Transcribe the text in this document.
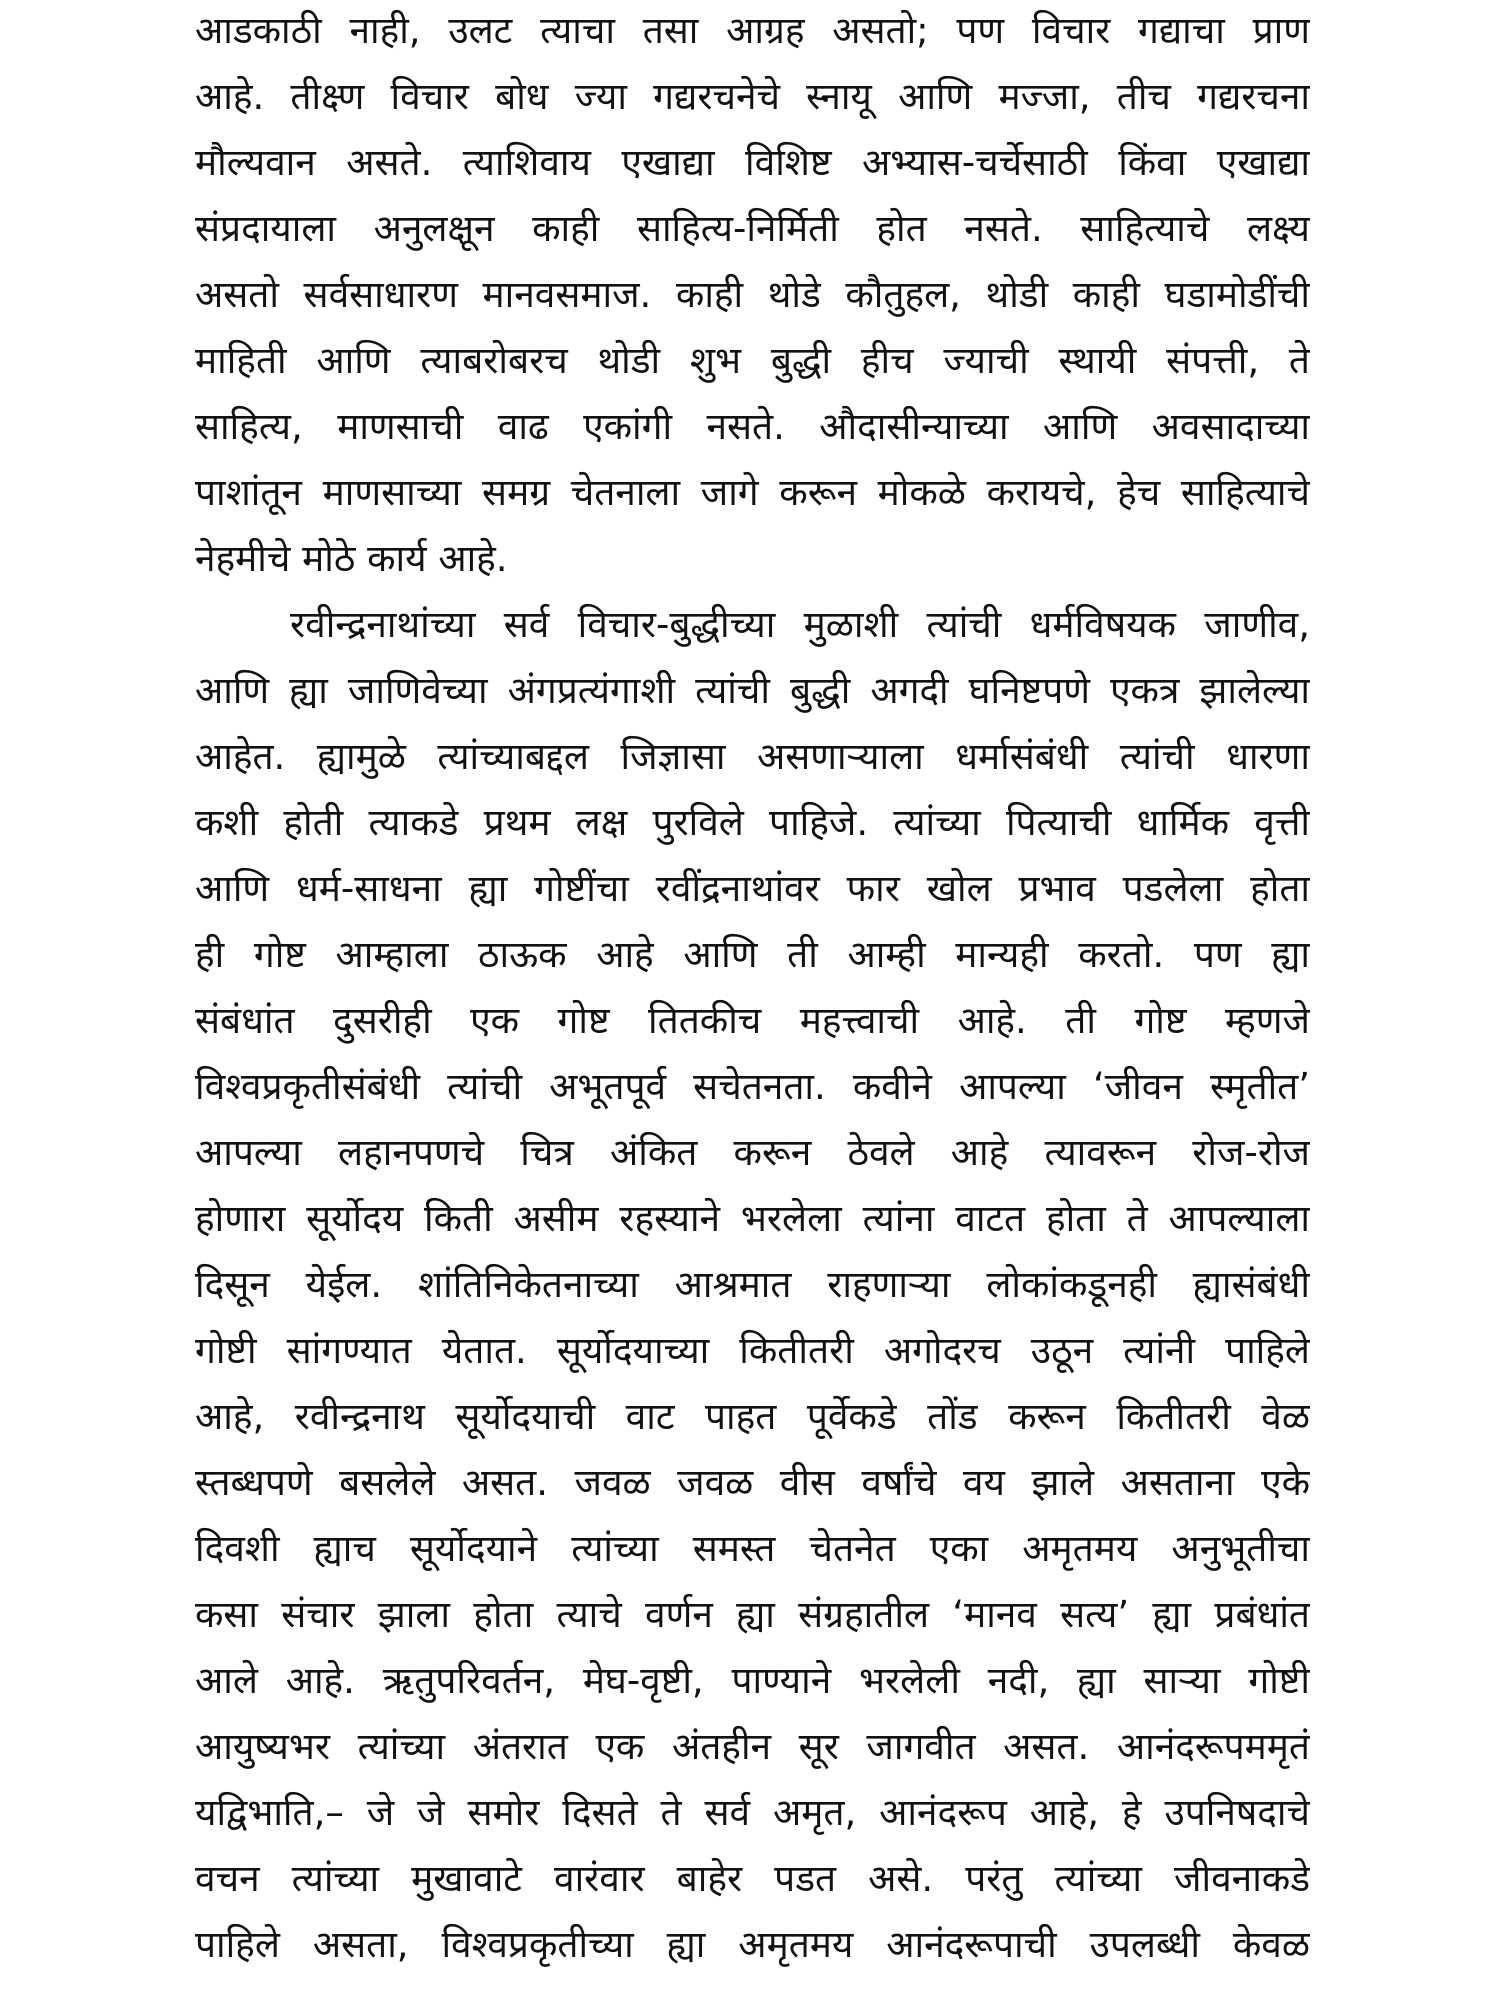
आडकाठी नाही, उलट त्याचा तसा आग्रह असतो; पण विचार गद्याचा प्राण
आहे. तीक्ष्ण विचार बोध ज्या गद्यरचनेचे स्नायू आणि मज्जा, तीच गद्यरचना
मौल्यवान असते. त्याशिवाय एखाद्या विशिष्ट अभ्यास-चर्चेसाठी किंवा एखाद्या
संप्रदायाला अनुलक्षून काही साहित्य-निर्मिती होत नसते. साहित्याचे लक्ष्य
असतो सर्वसाधारण मानवसमाज. काही थोडे कौतुहल, थोडी काही घडामोडींची
माहिती आणि त्याबरोबरच थोडी शुभ बुद्धी हीच ज्याची स्थायी संपत्ती, ते
साहित्य, माणसाची वाढ एकांगी नसते. औदासीन्याच्या आणि अवसादाच्या
पाशांतून माणसाच्या समग्र चेतनाला जागे करून मोकळे करायचे, हेच साहित्याचे
नेहमीचे मोठे कार्य आहे.
रवीन्द्रनाथांच्या सर्व विचार-बुद्धीच्या मुळाशी त्यांची धर्मविषयक जाणीव,
आणि ह्या जाणिवेच्या अंगप्रत्यंगाशी त्यांची बुद्धी अगदी घनिष्टपणे एकत्र झालेल्या
आहेत. ह्यामुळे त्यांच्याबद्दल जिज्ञासा असणाऱ्याला धर्मासंबंधी त्यांची धारणा
कशी होती त्याकडे प्रथम लक्ष पुरविले पाहिजे. त्यांच्या पित्याची धार्मिक वृत्ती
आणि धर्म-साधना ह्या गोष्टींचा रवींद्रनाथांवर फार खोल प्रभाव पडलेला होता
ही गोष्ट आम्हाला ठाऊक आहे आणि ती आम्ही मान्यही करतो. पण ह्या
संबंधांत दुसरीही एक गोष्ट तितकीच महत्त्वाची आहे. ती गोष्ट म्हणजे
विश्वप्रकृतीसंबंधी त्यांची अभूतपूर्व सचेतनता. कवीने आपल्या ‘जीवन स्मृतीत’
आपल्या लहानपणचे चित्र अंकित करून ठेवले आहे त्यावरून रोज-रोज
होणारा सूर्योदय किती असीम रहस्याने भरलेला त्यांना वाटत होता ते आपल्याला
दिसून येईल. शांतिनिकेतनाच्या आश्रमात राहणाऱ्या लोकांकडूनही ह्यासंबंधी
गोष्टी सांगण्यात येतात. सूर्योदयाच्या कितीतरी अगोदरच उठून त्यांनी पाहिले
आहे, रवीन्द्रनाथ सूर्योदयाची वाट पाहत पूर्वेकडे तोंड करून कितीतरी वेळ
स्तब्धपणे बसलेले असत. जवळ जवळ वीस वर्षांचे वय झाले असताना एके
दिवशी ह्याच सूर्योदयाने त्यांच्या समस्त चेतनेत एका अमृतमय अनुभूतीचा
कसा संचार झाला होता त्याचे वर्णन ह्या संग्रहातील ‘मानव सत्य’ ह्या प्रबंधांत
आले आहे. ऋतुपरिवर्तन, मेघ-वृष्टी, पाण्याने भरलेली नदी, ह्या साऱ्या गोष्टी
आयुष्यभर त्यांच्या अंतरात एक अंतहीन सूर जागवीत असत. आनंदरूपममृतं
यद्विभाति,– जे जे समोर दिसते ते सर्व अमृत, आनंदरूप आहे, हे उपनिषदाचे
वचन त्यांच्या मुखावाटे वारंवार बाहेर पडत असे. परंतु त्यांच्या जीवनाकडे
पाहिले असता, विश्वप्रकृतीच्या ह्या अमृतमय आनंदरूपाची उपलब्धी केवळ
